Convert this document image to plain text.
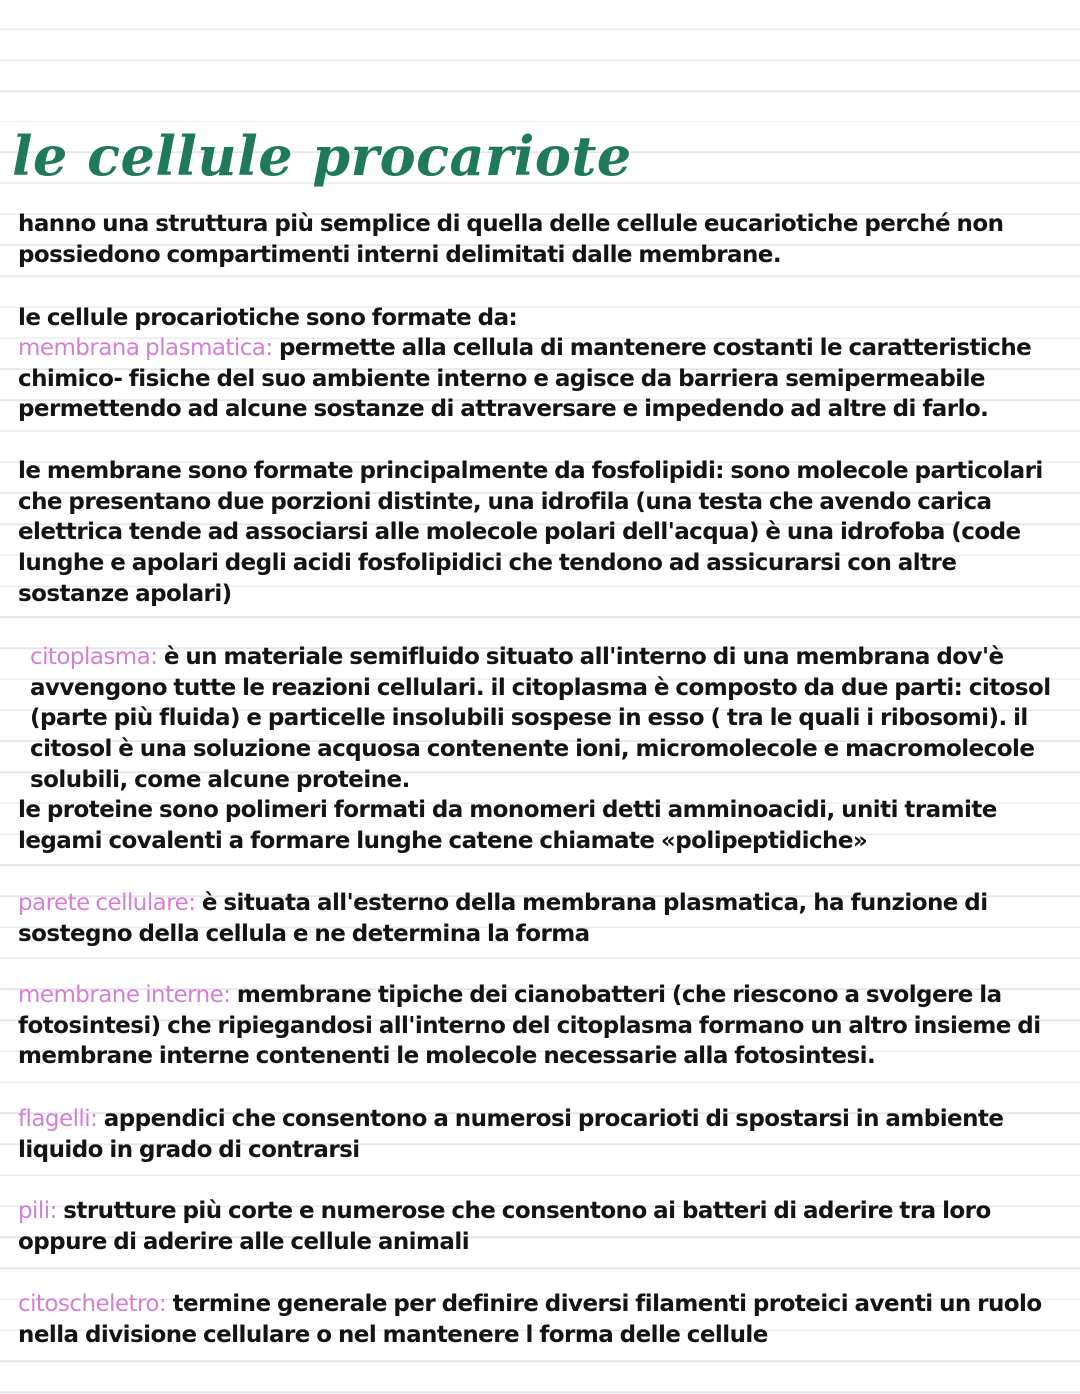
le cellule procariote

hanno una struttura più semplice di quella delle cellule eucariotiche perché non possiedono compartimenti interni delimitati dalle membrane.

le cellule procariotiche sono formate da:

membrana plasmatica: permette alla cellula di mantenere costanti le caratteristiche chimico- fisiche del suo ambiente interno e agisce da barriera semipermeabile permettendo ad alcune sostanze di attraversare e impedendo ad altre di farlo.

le membrane sono formate principalmente da fosfolipidi: sono molecole particolari che presentano due porzioni distinte, una idrofila (una testa che avendo carica elettrica tende ad associarsi alle molecole polari dell'acqua) è una idrofoba (code lunghe e apolari degli acidi fosfolipidici che tendono ad assicurarsi con altre sostanze apolari)

citoplasma: è un materiale semifluido situato all'interno di una membrana dov'è avvengono tutte le reazioni cellulari. il citoplasma è composto da due parti: citosol (parte più fluida) e particelle insolubili sospese in esso ( tra le quali i ribosomi). il citosol è una soluzione acquosa contenente ioni, micromolecole e macromolecole solubili, come alcune proteine.

le proteine sono polimeri formati da monomeri detti amminoacidi, uniti tramite legami covalenti a formare lunghe catene chiamate «polipeptidiche»

parete cellulare: è situata all'esterno della membrana plasmatica, ha funzione di sostegno della cellula e ne determina la forma

membrane interne: membrane tipiche dei cianobatteri (che riescono a svolgere la fotosintesi) che ripiegandosi all'interno del citoplasma formano un altro insieme di membrane interne contenenti le molecole necessarie alla fotosintesi.

flagelli: appendici che consentono a numerosi procarioti di spostarsi in ambiente liquido in grado di contrarsi

pili: strutture più corte e numerose che consentono ai batteri di aderire tra loro oppure di aderire alle cellule animali

citoscheletro: termine generale per definire diversi filamenti proteici aventi un ruolo nella divisione cellulare o nel mantenere l forma delle cellule
